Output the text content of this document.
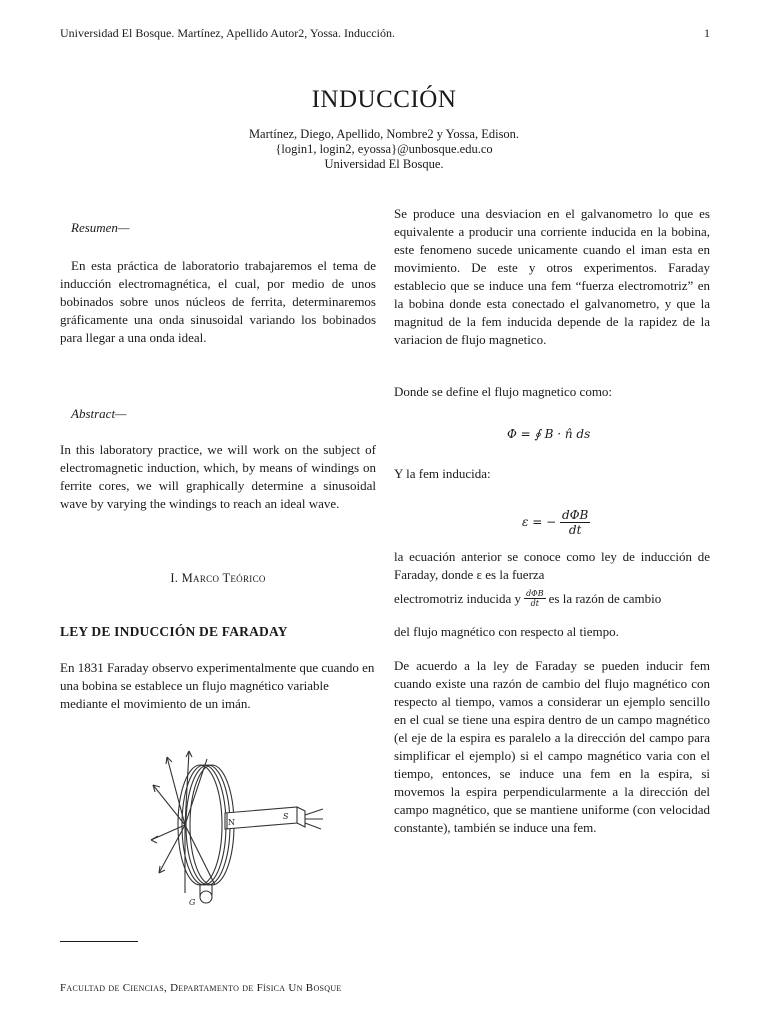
Universidad El Bosque. Martínez, Apellido Autor2, Yossa. Inducción.	1
INDUCCIÓN
Martínez, Diego, Apellido, Nombre2 y Yossa, Edison.
{login1, login2, eyossa}@unbosque.edu.co
Universidad El Bosque.
Resumen—
En esta práctica de laboratorio trabajaremos el tema de inducción electromagnética, el cual, por medio de unos bobinados sobre unos núcleos de ferrita, determinaremos gráficamente una onda sinusoidal variando los bobinados para llegar a una onda ideal.
Abstract—
In this laboratory practice, we will work on the subject of electromagnetic induction, which, by means of windings on ferrite cores, we will graphically determine a sinusoidal wave by varying the windings to reach an ideal wave.
I. Marco Teórico
LEY DE INDUCCIÓN DE FARADAY
En 1831 Faraday observo experimentalmente que cuando en una bobina se establece un flujo magnético variable mediante el movimiento de un imán.
N
S
G
Se produce una desviacion en el galvanometro lo que es equivalente a producir una corriente inducida en la bobina, este fenomeno sucede unicamente cuando el iman esta en movimiento. De este y otros experimentos. Faraday establecio que se induce una fem “fuerza electromotriz” en la bobina donde esta conectado el galvanometro, y que la magnitud de la fem inducida depende de la rapidez de la variacion de flujo magnetico.
Donde se define el flujo magnetico como:
Φ = ∮ B · n̂ ds
Y la fem inducida:
ε = − $\frac{\text{dΦB}}{dt}$
la ecuación anterior se conoce como ley de inducción de Faraday, donde ε es la fuerza
electromotriz inducida y $\frac{\text{dΦB}}{dt}$ es la razón de cambio
del flujo magnético con respecto al tiempo.
De acuerdo a la ley de Faraday se pueden inducir fem cuando existe una razón de cambio del flujo magnético con respecto al tiempo, vamos a considerar un ejemplo sencillo en el cual se tiene una espira dentro de un campo magnético (el eje de la espira es paralelo a la dirección del campo para simplificar el ejemplo) si el campo magnético varia con el tiempo, entonces, se induce una fem en la espira, si movemos la espira perpendicularmente a la dirección del campo magnético, que se mantiene uniforme (con velocidad constante), también se induce una fem.
Facultad de Ciencias, Departamento de Física Un Bosque
